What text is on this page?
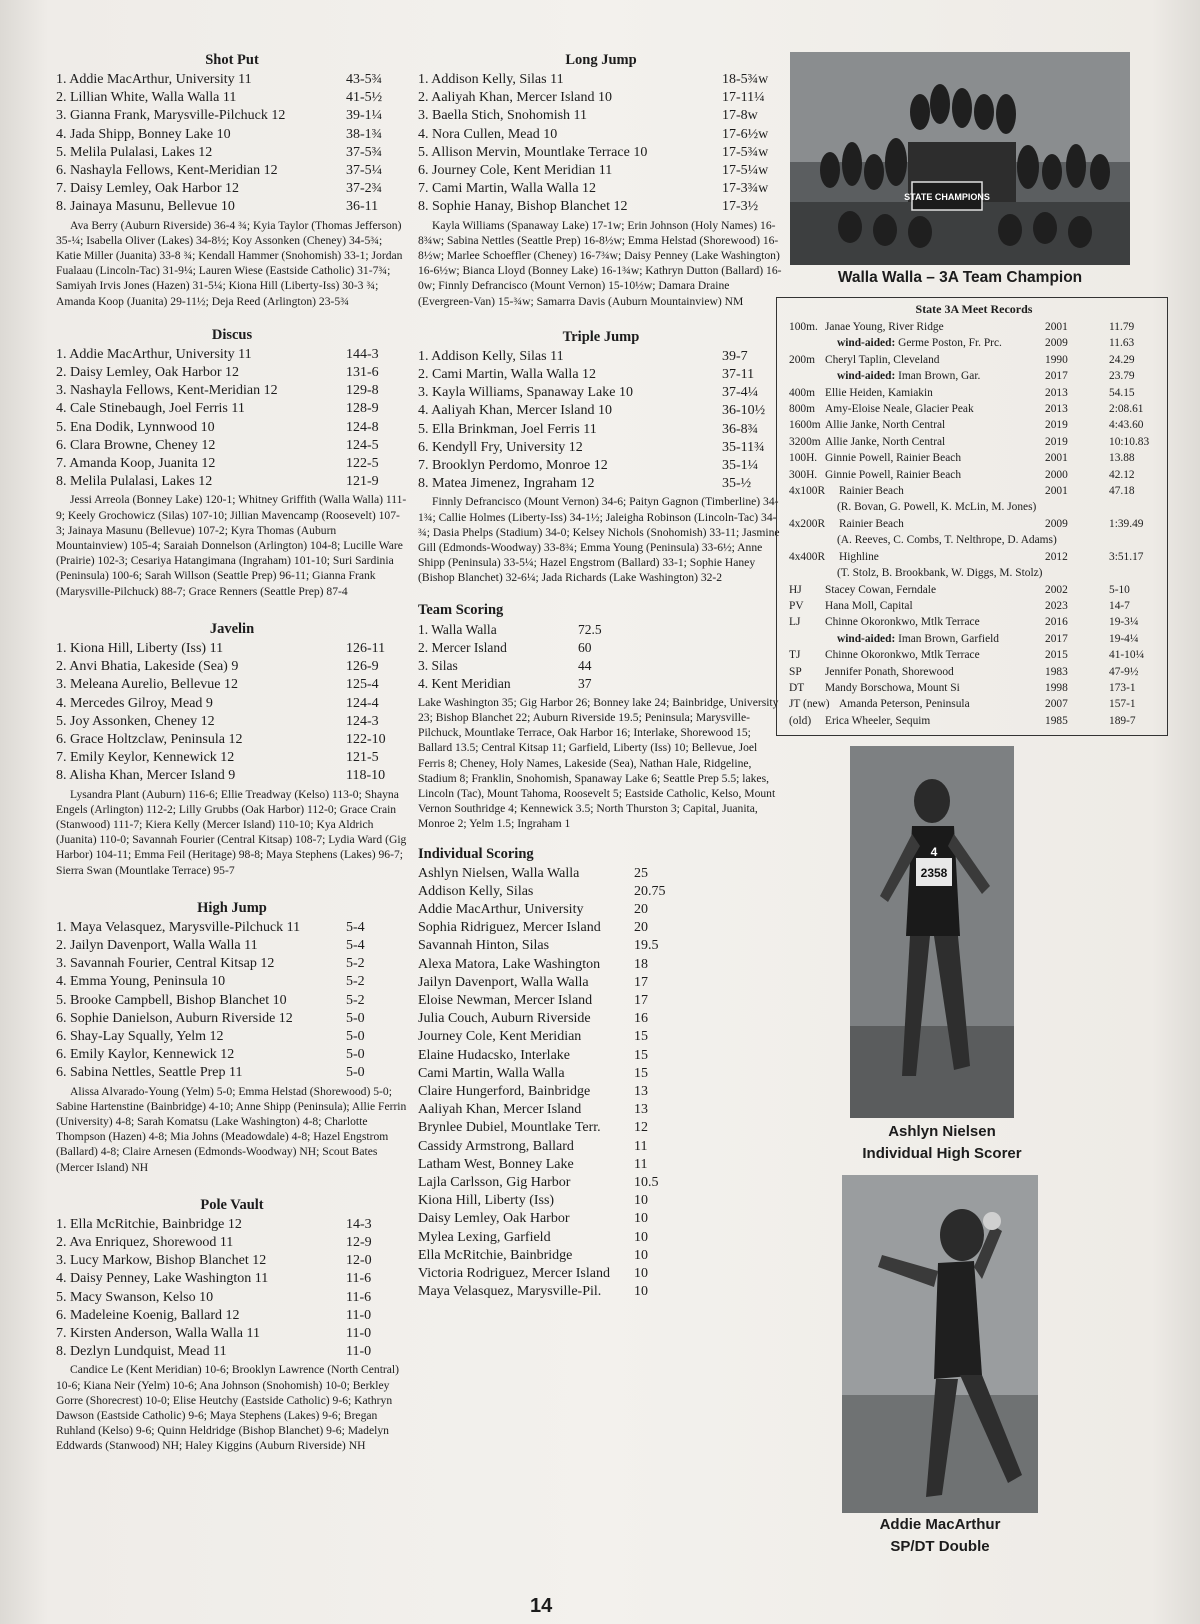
Shot Put
1. Addie MacArthur, University 11	43-5¾
2. Lillian White, Walla Walla 11	41-5½
3. Gianna Frank, Marysville-Pilchuck 12	39-1¼
4. Jada Shipp, Bonney Lake 10	38-1¾
5. Melila Pulalasi, Lakes 12	37-5¾
6. Nashayla Fellows, Kent-Meridian 12	37-5¼
7. Daisy Lemley, Oak Harbor 12	37-2¾
8. Jainaya Masunu, Bellevue 10	36-11
Ava Berry (Auburn Riverside) 36-4 ¾; Kyia Taylor (Thomas Jefferson) 35-¼; Isabella Oliver (Lakes) 34-8½; Koy Assonken (Cheney) 34-5¾; Katie Miller (Juanita) 33-8 ¾; Kendall Hammer (Snohomish) 33-1; Jordan Fualaau (Lincoln-Tac) 31-9¼; Lauren Wiese (Eastside Catholic) 31-7¾; Samiyah Irvis Jones (Hazen) 31-5¼; Kiona Hill (Liberty-Iss) 30-3 ¾; Amanda Koop (Juanita) 29-11½; Deja Reed (Arlington) 23-5¾
Discus
1. Addie MacArthur, University 11	144-3
2. Daisy Lemley, Oak Harbor 12	131-6
3. Nashayla Fellows, Kent-Meridian 12	129-8
4. Cale Stinebaugh, Joel Ferris 11	128-9
5. Ena Dodik, Lynnwood 10	124-8
6. Clara Browne, Cheney 12	124-5
7. Amanda Koop, Juanita 12	122-5
8. Melila Pulalasi, Lakes 12	121-9
Jessi Arreola (Bonney Lake) 120-1; Whitney Griffith (Walla Walla) 111-9; Keely Grochowicz (Silas) 107-10; Jillian Mavencamp (Roosevelt) 107-3; Jainaya Masunu (Bellevue) 107-2; Kyra Thomas (Auburn Mountainview) 105-4; Saraiah Donnelson (Arlington) 104-8; Lucille Ware (Prairie) 102-3; Cesariya Hatangimana (Ingraham) 101-10; Suri Sardinia (Peninsula) 100-6; Sarah Willson (Seattle Prep) 96-11; Gianna Frank (Marysville-Pilchuck) 88-7; Grace Renners (Seattle Prep) 87-4
Javelin
1. Kiona Hill, Liberty (Iss) 11	126-11
2. Anvi Bhatia, Lakeside (Sea) 9	126-9
3. Meleana Aurelio, Bellevue 12	125-4
4. Mercedes Gilroy, Mead 9	124-4
5. Joy Assonken, Cheney 12	124-3
6. Grace Holtzclaw, Peninsula 12	122-10
7. Emily Keylor, Kennewick 12	121-5
8. Alisha Khan, Mercer Island 9	118-10
Lysandra Plant (Auburn) 116-6; Ellie Treadway (Kelso) 113-0; Shayna Engels (Arlington) 112-2; Lilly Grubbs (Oak Harbor) 112-0; Grace Crain (Stanwood) 111-7; Kiera Kelly (Mercer Island) 110-10; Kya Aldrich (Juanita) 110-0; Savannah Fourier (Central Kitsap) 108-7; Lydia Ward (Gig Harbor) 104-11; Emma Feil (Heritage) 98-8; Maya Stephens (Lakes) 96-7; Sierra Swan (Mountlake Terrace) 95-7
High Jump
1. Maya Velasquez, Marysville-Pilchuck 11	5-4
2. Jailyn Davenport, Walla Walla 11	5-4
3. Savannah Fourier, Central Kitsap 12	5-2
4. Emma Young, Peninsula 10	5-2
5. Brooke Campbell, Bishop Blanchet 10	5-2
6. Sophie Danielson, Auburn Riverside 12	5-0
6. Shay-Lay Squally, Yelm 12	5-0
6. Emily Kaylor, Kennewick 12	5-0
6. Sabina Nettles, Seattle Prep 11	5-0
Alissa Alvarado-Young (Yelm) 5-0; Emma Helstad (Shorewood) 5-0; Sabine Hartenstine (Bainbridge) 4-10; Anne Shipp (Peninsula); Allie Ferrin (University) 4-8; Sarah Komatsu (Lake Washington) 4-8; Charlotte Thompson (Hazen) 4-8; Mia Johns (Meadowdale) 4-8; Hazel Engstrom (Ballard) 4-8; Claire Arnesen (Edmonds-Woodway) NH; Scout Bates (Mercer Island) NH
Pole Vault
1. Ella McRitchie, Bainbridge 12	14-3
2. Ava Enriquez, Shorewood 11	12-9
3. Lucy Markow, Bishop Blanchet 12	12-0
4. Daisy Penney, Lake Washington 11	11-6
5. Macy Swanson, Kelso 10	11-6
6. Madeleine Koenig, Ballard 12	11-0
7. Kirsten Anderson, Walla Walla 11	11-0
8. Dezlyn Lundquist, Mead 11	11-0
Candice Le (Kent Meridian) 10-6; Brooklyn Lawrence (North Central) 10-6; Kiana Neir (Yelm) 10-6; Ana Johnson (Snohomish) 10-0; Berkley Gorre (Shorecrest) 10-0; Elise Heutchy (Eastside Catholic) 9-6; Kathryn Dawson (Eastside Catholic) 9-6; Maya Stephens (Lakes) 9-6; Bregan Ruhland (Kelso) 9-6; Quinn Heldridge (Bishop Blanchet) 9-6; Madelyn Eddwards (Stanwood) NH; Haley Kiggins (Auburn Riverside) NH
Long Jump
1. Addison Kelly, Silas 11	18-5¾w
2. Aaliyah Khan, Mercer Island 10	17-11¼
3. Baella Stich, Snohomish 11	17-8w
4. Nora Cullen, Mead 10	17-6½w
5. Allison Mervin, Mountlake Terrace 10	17-5¾w
6. Journey Cole, Kent Meridian 11	17-5¼w
7. Cami Martin, Walla Walla 12	17-3¾w
8. Sophie Hanay, Bishop Blanchet 12	17-3½
Kayla Williams (Spanaway Lake) 17-1w; Erin Johnson (Holy Names) 16-8¾w; Sabina Nettles (Seattle Prep) 16-8½w; Emma Helstad (Shorewood) 16-8½w; Marlee Schoeffler (Cheney) 16-7¾w; Daisy Penney (Lake Washington) 16-6½w; Bianca Lloyd (Bonney Lake) 16-1¾w; Kathryn Dutton (Ballard) 16-0w; Finnly Defrancisco (Mount Vernon) 15-10½w; Damara Draine (Evergreen-Van) 15-¾w; Samarra Davis (Auburn Mountainview) NM
Triple Jump
1. Addison Kelly, Silas 11	39-7
2. Cami Martin, Walla Walla 12	37-11
3. Kayla Williams, Spanaway Lake 10	37-4¼
4. Aaliyah Khan, Mercer Island 10	36-10½
5. Ella Brinkman, Joel Ferris 11	36-8¾
6. Kendyll Fry, University 12	35-11¾
7. Brooklyn Perdomo, Monroe 12	35-1¼
8. Matea Jimenez, Ingraham 12	35-½
Finnly Defrancisco (Mount Vernon) 34-6; Paityn Gagnon (Timberline) 34-1¾; Callie Holmes (Liberty-Iss) 34-1½; Jaleigha Robinson (Lincoln-Tac) 34-¾; Dasia Phelps (Stadium) 34-0; Kelsey Nichols (Snohomish) 33-11; Jasmine Gill (Edmonds-Woodway) 33-8¾; Emma Young (Peninsula) 33-6½; Anne Shipp (Peninsula) 33-5¼; Hazel Engstrom (Ballard) 33-1; Sophie Haney (Bishop Blanchet) 32-6¼; Jada Richards (Lake Washington) 32-2
Team Scoring
1. Walla Walla	72.5
2. Mercer Island	60
3. Silas	44
4. Kent Meridian	37
Lake Washington 35; Gig Harbor 26; Bonney lake 24; Bainbridge, University 23; Bishop Blanchet 22; Auburn Riverside 19.5; Peninsula; Marysville-Pilchuck, Mountlake Terrace, Oak Harbor 16; Interlake, Shorewood 15; Ballard 13.5; Central Kitsap 11; Garfield, Liberty (Iss) 10; Bellevue, Joel Ferris 8; Cheney, Holy Names, Lakeside (Sea), Nathan Hale, Ridgeline, Stadium 8; Franklin, Snohomish, Spanaway Lake 6; Seattle Prep 5.5; lakes, Lincoln (Tac), Mount Tahoma, Roosevelt 5; Eastside Catholic, Kelso, Mount Vernon Southridge 4; Kennewick 3.5; North Thurston 3; Capital, Juanita, Monroe 2; Yelm 1.5; Ingraham 1
Individual Scoring
Ashlyn Nielsen, Walla Walla	25
Addison Kelly, Silas	20.75
Addie MacArthur, University	20
Sophia Ridriguez, Mercer Island	20
Savannah Hinton, Silas	19.5
Alexa Matora, Lake Washington	18
Jailyn Davenport, Walla Walla	17
Eloise Newman, Mercer Island	17
Julia Couch, Auburn Riverside	16
Journey Cole, Kent Meridian	15
Elaine Hudacsko, Interlake	15
Cami Martin, Walla Walla	15
Claire Hungerford, Bainbridge	13
Aaliyah Khan, Mercer Island	13
Brynlee Dubiel, Mountlake Terr.	12
Cassidy Armstrong, Ballard	11
Latham West, Bonney Lake	11
Lajla Carlsson, Gig Harbor	10.5
Kiona Hill, Liberty (Iss)	10
Daisy Lemley, Oak Harbor	10
Mylea Lexing, Garfield	10
Ella McRitchie, Bainbridge	10
Victoria Rodriguez, Mercer Island	10
Maya Velasquez, Marysville-Pil.	10
STATE CHAMPIONS
Walla Walla – 3A Team Champion
State 3A Meet Records
100m. Janae Young, River Ridge	2001	11.79
wind-aided: Germe Poston, Fr. Prc.	2009	11.63
200m Cheryl Taplin, Cleveland	1990	24.29
wind-aided: Iman Brown, Gar.	2017	23.79
400m Ellie Heiden, Kamiakin	2013	54.15
800m Amy-Eloise Neale, Glacier Peak	2013	2:08.61
1600m Allie Janke, North Central	2019	4:43.60
3200m Allie Janke, North Central	2019	10:10.83
100H. Ginnie Powell, Rainier Beach	2001	13.88
300H. Ginnie Powell, Rainier Beach	2000	42.12
4x100R	Rainier Beach	2001	47.18
(R. Bovan, G. Powell, K. McLin, M. Jones)
4x200R	Rainier Beach	2009	1:39.49
(A. Reeves, C. Combs, T. Nelthrope, D. Adams)
4x400R	Highline	2012	3:51.17
(T. Stolz, B. Brookbank, W. Diggs, M. Stolz)
HJ	Stacey Cowan, Ferndale	2002	5-10
PV	Hana Moll, Capital	2023	14-7
LJ	Chinne Okoronkwo, Mtlk Terrace	2016	19-3¼
wind-aided: Iman Brown, Garfield	2017	19-4¼
TJ	Chinne Okoronkwo, Mtlk Terrace	2015	41-10¼
SP	Jennifer Ponath, Shorewood	1983	47-9½
DT	Mandy Borschowa, Mount Si	1998	173-1
JT (new) Amanda Peterson, Peninsula	2007	157-1
(old)	Erica Wheeler, Sequim	1985	189-7
4
2358
Ashlyn Nielsen
Individual High Scorer
Addie MacArthur
SP/DT Double
14
